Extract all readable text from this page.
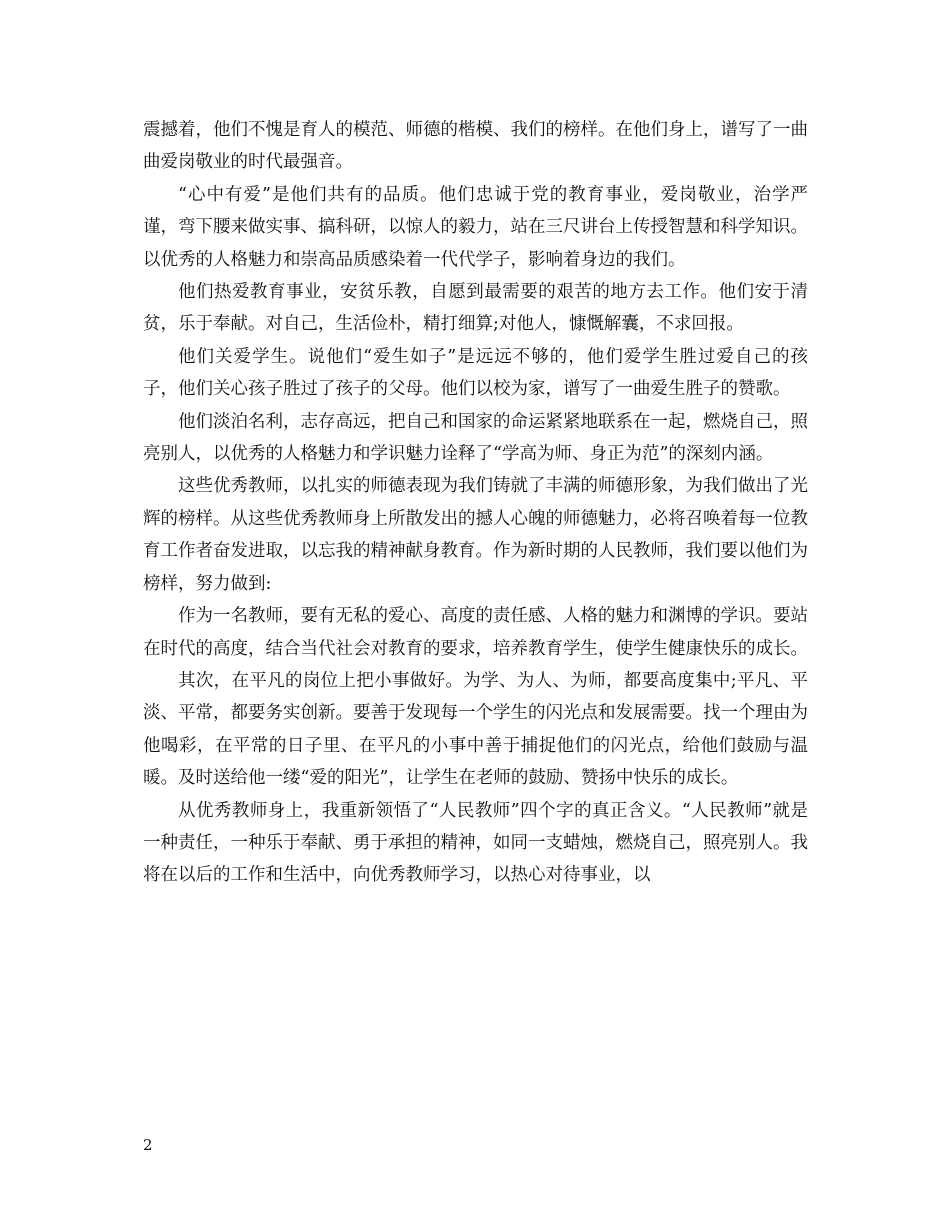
震撼着，他们不愧是育人的模范、师德的楷模、我们的榜样。在他们身上，谱写了一曲曲爱岗敬业的时代最强音。

“心中有爱”是他们共有的品质。他们忠诚于党的教育事业，爱岗敬业，治学严谨，弯下腰来做实事、搞科研，以惊人的毅力，站在三尺讲台上传授智慧和科学知识。以优秀的人格魅力和崇高品质感染着一代代学子，影响着身边的我们。

他们热爱教育事业，安贫乐教，自愿到最需要的艰苦的地方去工作。他们安于清贫，乐于奉献。对自己，生活俭朴，精打细算;对他人，慷慨解囊，不求回报。

他们关爱学生。说他们“爱生如子”是远远不够的，他们爱学生胜过爱自己的孩子，他们关心孩子胜过了孩子的父母。他们以校为家，谱写了一曲爱生胜子的赞歌。

他们淡泊名利，志存高远，把自己和国家的命运紧紧地联系在一起，燃烧自己，照亮别人，以优秀的人格魅力和学识魅力诠释了“学高为师、身正为范”的深刻内涵。

这些优秀教师，以扎实的师德表现为我们铸就了丰满的师德形象，为我们做出了光辉的榜样。从这些优秀教师身上所散发出的撼人心魄的师德魅力，必将召唤着每一位教育工作者奋发进取，以忘我的精神献身教育。作为新时期的人民教师，我们要以他们为榜样，努力做到:

作为一名教师，要有无私的爱心、高度的责任感、人格的魅力和渊博的学识。要站在时代的高度，结合当代社会对教育的要求，培养教育学生，使学生健康快乐的成长。

其次，在平凡的岗位上把小事做好。为学、为人、为师，都要高度集中;平凡、平淡、平常，都要务实创新。要善于发现每一个学生的闪光点和发展需要。找一个理由为他喝彩，在平常的日子里、在平凡的小事中善于捕捉他们的闪光点，给他们鼓励与温暖。及时送给他一缕“爱的阳光”，让学生在老师的鼓励、赞扬中快乐的成长。

从优秀教师身上，我重新领悟了“人民教师”四个字的真正含义。“人民教师”就是一种责任，一种乐于奉献、勇于承担的精神，如同一支蜡烛，燃烧自己，照亮别人。我将在以后的工作和生活中，向优秀教师学习，以热心对待事业，以

2
